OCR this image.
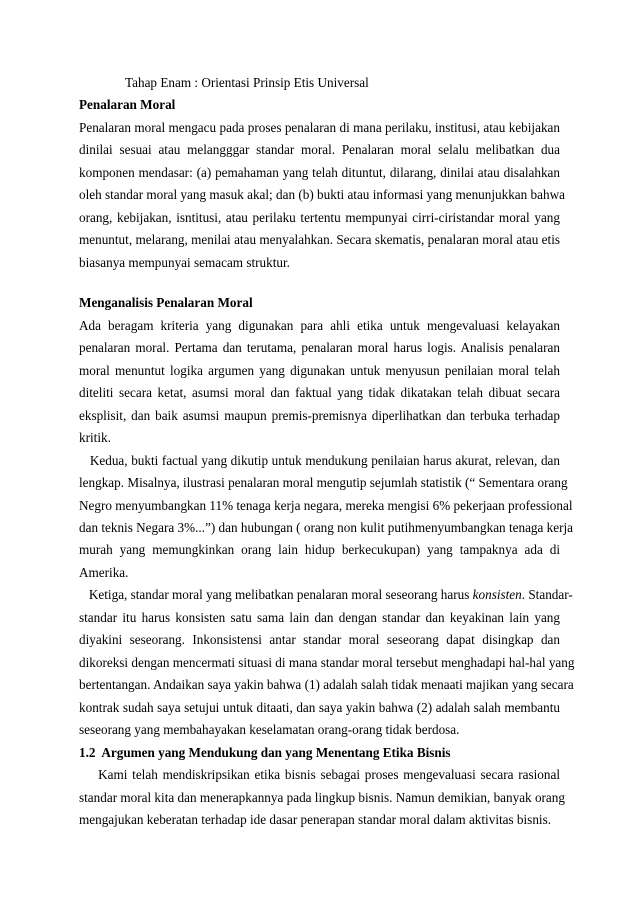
Tahap Enam : Orientasi Prinsip Etis Universal
Penalaran Moral
Penalaran moral mengacu pada proses penalaran di mana perilaku, institusi, atau kebijakan
dinilai sesuai atau melangggar standar moral. Penalaran moral selalu melibatkan dua
komponen mendasar: (a) pemahaman yang telah dituntut, dilarang, dinilai atau disalahkan
oleh standar moral yang masuk akal; dan (b) bukti atau informasi yang menunjukkan bahwa
orang, kebijakan, isntitusi, atau perilaku tertentu mempunyai cirri-ciristandar moral yang
menuntut, melarang, menilai atau menyalahkan. Secara skematis, penalaran moral atau etis
biasanya mempunyai semacam struktur.
Menganalisis Penalaran Moral
Ada beragam kriteria yang digunakan para ahli etika untuk mengevaluasi kelayakan
penalaran moral. Pertama dan terutama, penalaran moral harus logis. Analisis penalaran
moral menuntut logika argumen yang digunakan untuk menyusun penilaian moral telah
diteliti secara ketat, asumsi moral dan faktual yang tidak dikatakan telah dibuat secara
eksplisit, dan baik asumsi maupun premis-premisnya diperlihatkan dan terbuka terhadap
kritik.
Kedua, bukti factual yang dikutip untuk mendukung penilaian harus akurat, relevan, dan
lengkap. Misalnya, ilustrasi penalaran moral mengutip sejumlah statistik (“ Sementara orang
Negro menyumbangkan 11% tenaga kerja negara, mereka mengisi 6% pekerjaan professional
dan teknis Negara 3%...”) dan hubungan ( orang non kulit putihmenyumbangkan tenaga kerja
murah yang memungkinkan orang lain hidup berkecukupan) yang tampaknya ada di
Amerika.
Ketiga, standar moral yang melibatkan penalaran moral seseorang harus konsisten. Standar-
standar itu harus konsisten satu sama lain dan dengan standar dan keyakinan lain yang
diyakini seseorang. Inkonsistensi antar standar moral seseorang dapat disingkap dan
dikoreksi dengan mencermati situasi di mana standar moral tersebut menghadapi hal-hal yang
bertentangan. Andaikan saya yakin bahwa (1) adalah salah tidak menaati majikan yang secara
kontrak sudah saya setujui untuk ditaati, dan saya yakin bahwa (2) adalah salah membantu
seseorang yang membahayakan keselamatan orang-orang tidak berdosa.
1.2  Argumen yang Mendukung dan yang Menentang Etika Bisnis
Kami telah mendiskripsikan etika bisnis sebagai proses mengevaluasi secara rasional
standar moral kita dan menerapkannya pada lingkup bisnis. Namun demikian, banyak orang
mengajukan keberatan terhadap ide dasar penerapan standar moral dalam aktivitas bisnis.
